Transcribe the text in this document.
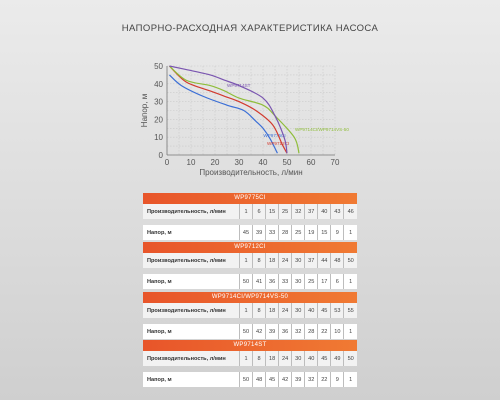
НАПОРНО-РАСХОДНАЯ ХАРАКТЕРИСТИКА НАСОСА
0 10 20 30 40 50 60 70
0
10
20
30
40
50
Производительность, л/мин
Напор, м
WP9775CI
WP9712CI
WP9714CI/WP9714VS-50
WP9714ST
WP9775CI
Производительность, л/мин	1	6	15	25	32	37	40	43	46

Напор, м	45	39	33	28	25	19	15	9	1
WP9712CI
Производительность, л/мин	1	8	18	24	30	37	44	48	50

Напор, м	50	41	36	33	30	25	17	6	1
WP9714CI/WP9714VS-50
Производительность, л/мин	1	8	18	24	30	40	45	53	55

Напор, м	50	42	39	36	32	28	22	10	1
WP9714ST
Производительность, л/мин	1	8	18	24	30	40	45	49	50

Напор, м	50	48	45	42	39	32	22	9	1
